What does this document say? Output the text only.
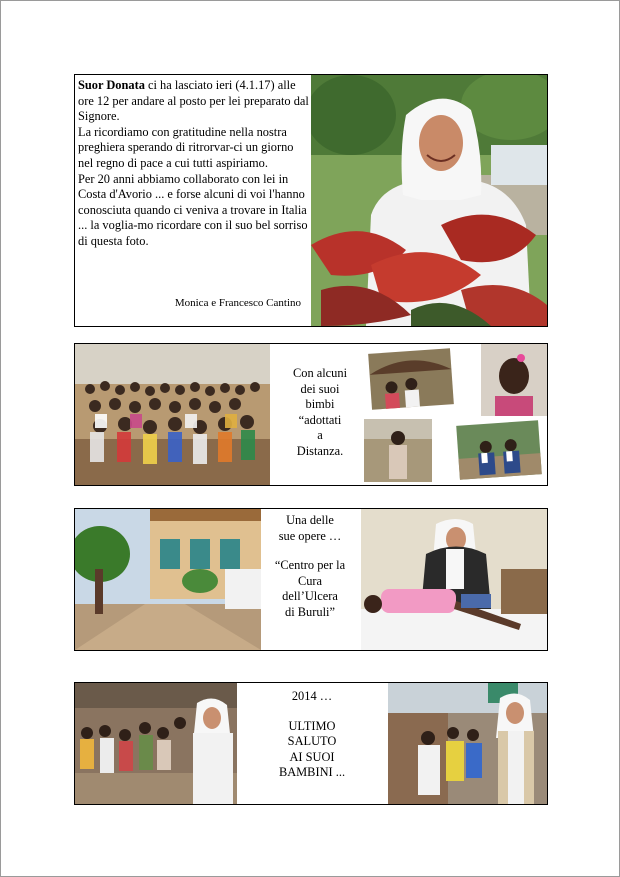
Suor Donata ci ha lasciato ieri (4.1.17) alle ore 12 per andare al posto per lei preparato dal Signore.
La ricordiamo con gratitudine nella nostra preghiera sperando di ritrorvar-ci un giorno nel regno di pace a cui tutti aspiriamo.
Per 20 anni abbiamo collaborato con lei in Costa d'Avorio ... e forse alcuni di voi l'hanno conosciuta quando ci veniva a trovare in Italia ... la voglia-mo ricordare con il suo bel sorriso di questa foto.
Monica e Francesco Cantino
Con alcuni
dei suoi
bimbi
“adottati
a
Distanza.
Una delle
sue opere …
“Centro per la
Cura
dell’Ulcera
di Buruli”
2014 …
ULTIMO
SALUTO
AI SUOI
BAMBINI ...
